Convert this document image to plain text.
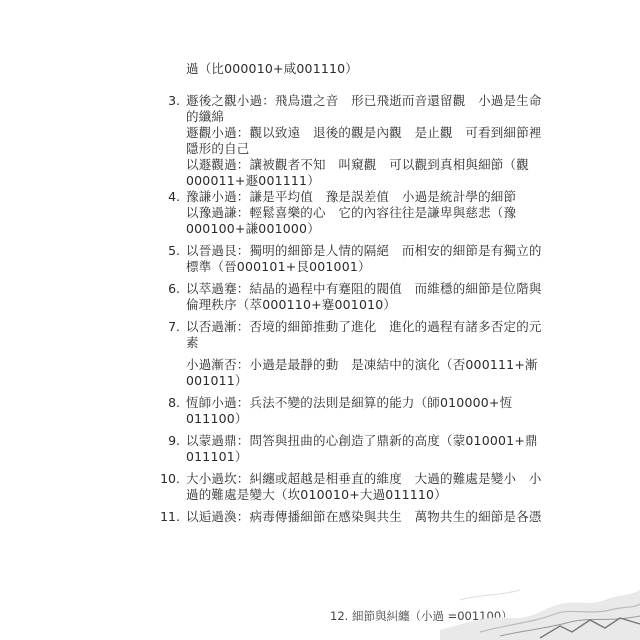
過（比000010+咸001110）
3. 遯後之觀小過：飛鳥遺之音　形已飛逝而音還留觀　小過是生命
的纖綿
遯觀小過：觀以致遠　退後的觀是內觀　是止觀　可看到細節裡
隱形的自己
以遯觀過：讓被觀者不知　叫窺觀　可以觀到真相與細節（觀
000011+遯001111）
4. 豫謙小過：謙是平均值　豫是誤差值　小過是統計學的細節
以豫過謙：輕鬆喜樂的心　它的內容往往是謙卑與慈悲（豫
000100+謙001000）
5. 以晉過艮：獨明的細節是人情的隔絕　而相安的細節是有獨立的
標準（晉000101+艮001001）
6. 以萃過蹇：結晶的過程中有蹇阻的閥值　而維穩的細節是位階與
倫理秩序（萃000110+蹇001010）
7. 以否過漸：否境的細節推動了進化　進化的過程有諸多否定的元
素
小過漸否：小過是最靜的動　是凍結中的演化（否000111+漸
001011）
8. 恆師小過：兵法不變的法則是細算的能力（師010000+恆
011100）
9. 以蒙過鼎：問答與扭曲的心創造了鼎新的高度（蒙010001+鼎
011101）
10. 大小過坎：糾纏或超越是相垂直的維度　大過的難處是變小　小
過的難處是變大（坎010010+大過011110）
11. 以逅過渙：病毒傳播細節在感染與共生　萬物共生的細節是各憑
12. 細節與糾纏（小過 =001100）
